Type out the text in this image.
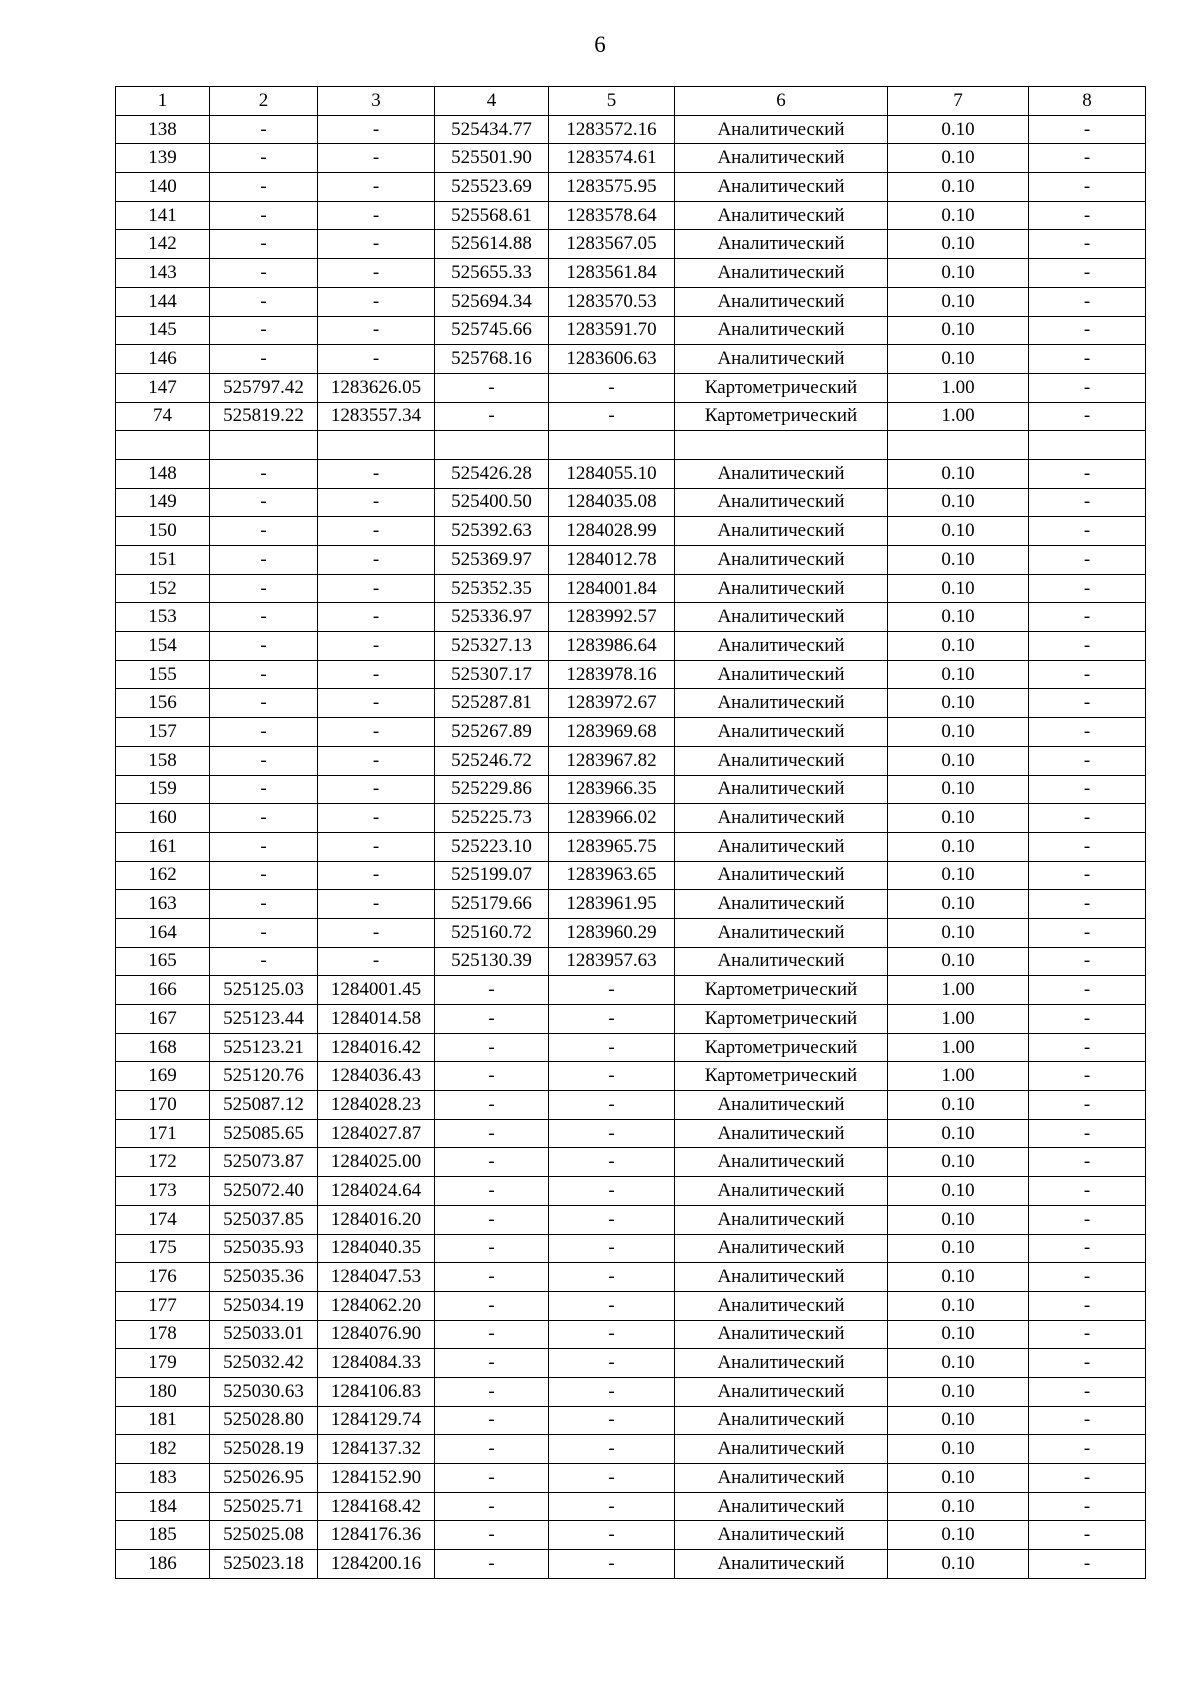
6
1	2	3	4	5	6	7	8
138	-	-	525434.77	1283572.16	Аналитический	0.10	-
139	-	-	525501.90	1283574.61	Аналитический	0.10	-
140	-	-	525523.69	1283575.95	Аналитический	0.10	-
141	-	-	525568.61	1283578.64	Аналитический	0.10	-
142	-	-	525614.88	1283567.05	Аналитический	0.10	-
143	-	-	525655.33	1283561.84	Аналитический	0.10	-
144	-	-	525694.34	1283570.53	Аналитический	0.10	-
145	-	-	525745.66	1283591.70	Аналитический	0.10	-
146	-	-	525768.16	1283606.63	Аналитический	0.10	-
147	525797.42	1283626.05	-	-	Картометрический	1.00	-
74	525819.22	1283557.34	-	-	Картометрический	1.00	-

148	-	-	525426.28	1284055.10	Аналитический	0.10	-
149	-	-	525400.50	1284035.08	Аналитический	0.10	-
150	-	-	525392.63	1284028.99	Аналитический	0.10	-
151	-	-	525369.97	1284012.78	Аналитический	0.10	-
152	-	-	525352.35	1284001.84	Аналитический	0.10	-
153	-	-	525336.97	1283992.57	Аналитический	0.10	-
154	-	-	525327.13	1283986.64	Аналитический	0.10	-
155	-	-	525307.17	1283978.16	Аналитический	0.10	-
156	-	-	525287.81	1283972.67	Аналитический	0.10	-
157	-	-	525267.89	1283969.68	Аналитический	0.10	-
158	-	-	525246.72	1283967.82	Аналитический	0.10	-
159	-	-	525229.86	1283966.35	Аналитический	0.10	-
160	-	-	525225.73	1283966.02	Аналитический	0.10	-
161	-	-	525223.10	1283965.75	Аналитический	0.10	-
162	-	-	525199.07	1283963.65	Аналитический	0.10	-
163	-	-	525179.66	1283961.95	Аналитический	0.10	-
164	-	-	525160.72	1283960.29	Аналитический	0.10	-
165	-	-	525130.39	1283957.63	Аналитический	0.10	-
166	525125.03	1284001.45	-	-	Картометрический	1.00	-
167	525123.44	1284014.58	-	-	Картометрический	1.00	-
168	525123.21	1284016.42	-	-	Картометрический	1.00	-
169	525120.76	1284036.43	-	-	Картометрический	1.00	-
170	525087.12	1284028.23	-	-	Аналитический	0.10	-
171	525085.65	1284027.87	-	-	Аналитический	0.10	-
172	525073.87	1284025.00	-	-	Аналитический	0.10	-
173	525072.40	1284024.64	-	-	Аналитический	0.10	-
174	525037.85	1284016.20	-	-	Аналитический	0.10	-
175	525035.93	1284040.35	-	-	Аналитический	0.10	-
176	525035.36	1284047.53	-	-	Аналитический	0.10	-
177	525034.19	1284062.20	-	-	Аналитический	0.10	-
178	525033.01	1284076.90	-	-	Аналитический	0.10	-
179	525032.42	1284084.33	-	-	Аналитический	0.10	-
180	525030.63	1284106.83	-	-	Аналитический	0.10	-
181	525028.80	1284129.74	-	-	Аналитический	0.10	-
182	525028.19	1284137.32	-	-	Аналитический	0.10	-
183	525026.95	1284152.90	-	-	Аналитический	0.10	-
184	525025.71	1284168.42	-	-	Аналитический	0.10	-
185	525025.08	1284176.36	-	-	Аналитический	0.10	-
186	525023.18	1284200.16	-	-	Аналитический	0.10	-
